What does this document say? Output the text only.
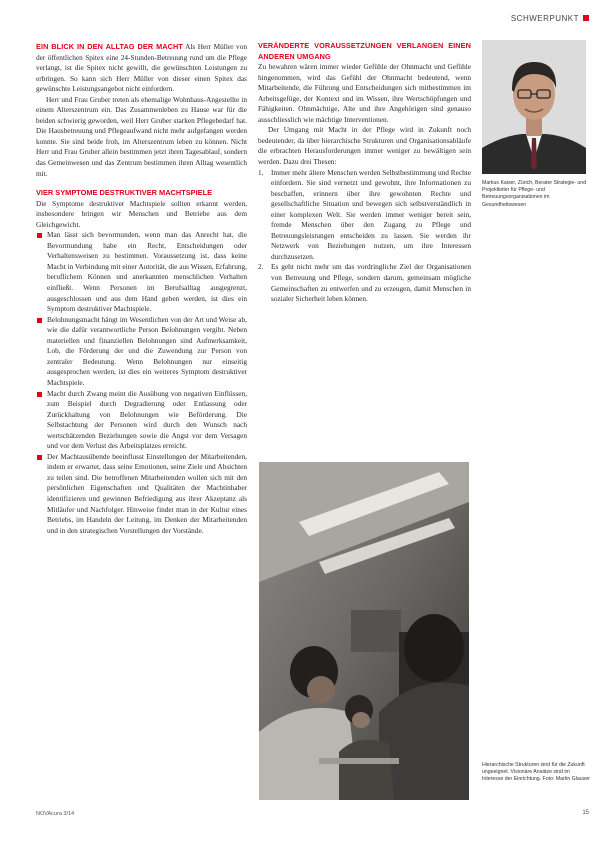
SCHWERPUNKT

EIN BLICK IN DEN ALLTAG DER MACHT Als Herr Müller von der öffentlichen Spitex eine 24-Stunden-Betreuung rund um die Pflege verlangt, ist die Spitex nicht gewillt, die gewünschten Leistungen zu erbringen. So kann sich Herr Müller von dieser einen Spitex das gewünschte Leistungsangebot nicht einfordern.

Herr und Frau Gruber treten als ehemalige Wohnhaus-Angestellte in einem Alterszentrum ein. Das Zusammenleben zu Hause war für die beiden schwierig geworden, weil Herr Gruber starken Pflegebedarf hat. Die Hausbetreuung und Pflegeaufwand nicht mehr aufgefangen werden konnte. Sie sind beide froh, im Alterszentrum leben zu können. Nicht Herr und Frau Gruber allein bestimmen jetzt ihren Tagesablauf, sondern das Gemeinwesen und das Zentrum bestimmen ihren Alltag wesentlich mit.

VIER SYMPTOME DESTRUKTIVER MACHTSPIELE

Die Symptome destruktiver Machtspiele sollten erkannt werden, insbesondere bringen wir Menschen und Betriebe aus dem Gleichgewicht.

Man lässt sich bevormunden, wenn man das Anrecht hat, die Bevormundung habe ein Recht, Entscheidungen oder Verhaltensweisen zu bestimmen. Voraussetzung ist, dass keine Macht in Verbindung mit einer Autorität, die aus Wissen, Erfahrung, beruflichem Können und anerkannten menschlichen Verhalten einfließt. Wenn Personen im Berufsalltag ausgegrenzt, ausgeschlossen und aus dem Hand geben werden, ist dies ein Symptom destruktiver Machtspiele.
Belohnungsmacht hängt im Wesentlichen von der Art und Weise ab, wie die dafür verantwortliche Person Belohnungen vergibt. Neben materiellen und finanziellen Belohnungen sind Aufmerksamkeit, Lob, die Förderung der und die Zuwendung zur Person von zentraler Bedeutung. Wenn Belohnungen nur einseitig ausgesprochen werden, ist dies ein weiteres Symptom destruktiver Machtspiele.
Macht durch Zwang meint die Ausübung von negativen Einflüssen, zum Beispiel durch Degradierung oder Entlassung oder Zurückhaltung von Belohnungen wie Beförderung. Die Selbstachtung der Personen wird durch den Wunsch nach wertschätzenden Beziehungen sowie die Angst vor dem Versagen und vor dem Verlust des Arbeitsplatzes erreicht.
Der Machtausübende beeinflusst Einstellungen der Mitarbeitenden, indem er erwartet, dass seine Emotionen, seine Ziele und Absichten zu teilen sind. Die betroffenen Mitarbeitenden wollen sich mit den persönlichen Eigenschaften und Qualitäten der Machtinhaber identifizieren und gewinnen Befriedigung aus ihrer Akzeptanz als Mitläufer und Nachfolger. Hinweise findet man in der Kultur eines Betriebs, im Handeln der Leitung, im Denken der Mitarbeitenden und in den strategischen Vorstellungen der Vorstände.

VERÄNDERTE VORAUSSETZUNGEN VERLANGEN EINEN ANDEREN UMGANG

Zu bewahren wären immer wieder Gefühle der Ohnmacht und Gefühle hingenommen, wird das Gefühl der Ohnmacht bedeutend, wenn Mitarbeitende, die Führung und Entscheidungen sich mitbestimmen im Arbeitsgefüge, der Kontext und im Wissen, ihre Wertschöpfungen und Fähigkeiten. Ohnmächtige, Alte und ihre Angehörigen sind genauso ausschliesslich wie mächtige Interventionen.

Der Umgang mit Macht in der Pflege wird in Zukunft noch bedeutender, da über hierarchische Strukturen und Organisationsabläufe die erbrachten Herausforderungen immer weniger zu bewältigen sein werden. Dazu drei Thesen:

1. Immer mehr ältere Menschen werden Selbstbestimmung und Rechte einfordern. Sie sind vernetzt und gewohnt, ihre Informationen zu beschaffen, erinnern über ihre gewohnten Rechte und gesellschaftliche Situation und bewegen sich selbstverständlich in einer komplexen Welt. Sie werden immer weniger bereit sein, fremde Menschen über den Zugang zu Pflege und Betreuungsleistungen entscheiden zu lassen. Sie werden ihr Netzwerk von Beziehungen nutzen, um ihre Interessen durchzusetzen.
2. Es geht nicht mehr um das vordringliche Ziel der Organisationen von Betreuung und Pflege, sondern darum, gemeinsam mögliche Gemeinschaften zu entwerfen und zu erzeugen, damit Menschen in sozialer Sicherheit leben können.
Markus Kaiser, Zürich, Berater Strategie- und Projektleiter für Pflege- und Betreuungsorganisationen im Gesundheitswesen
Hierarchische Strukturen sind für die Zukunft ungeeignet. Visionäre Ansätze sind im Interesse der Einrichtung. Foto: Martin Glauser
NOVAcura 3/14	15
